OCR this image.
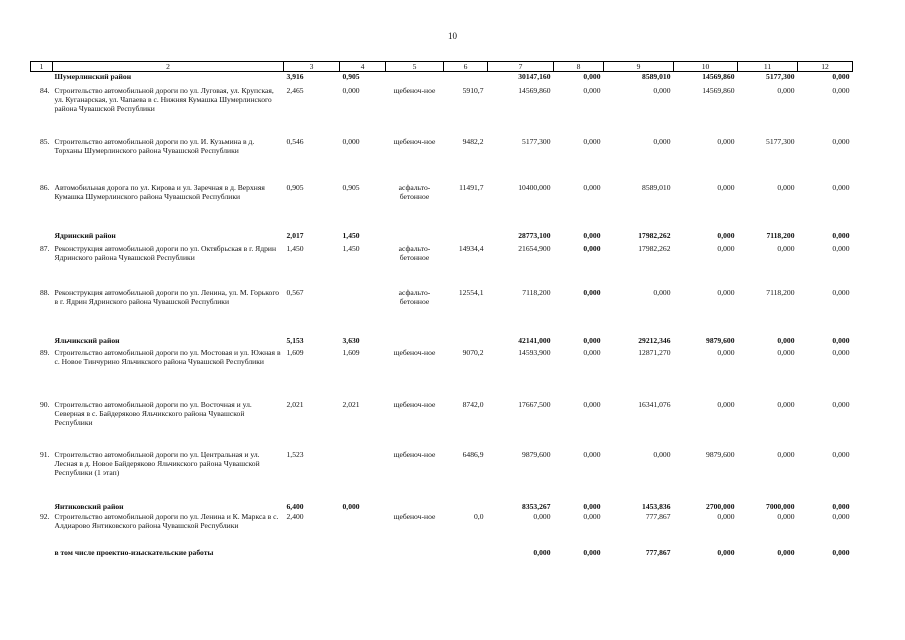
10
1	2	3	4	5	6	7	8	9	10	11	12
	Шумерлинский район	3,916	0,905			30147,160	0,000	8589,010	14569,860	5177,300	0,000
84.	Строительство автомобильной дороги по ул. Луговая, ул. Крупская, ул. Куганарская, ул. Чапаева в с. Нижняя Кумашка Шумерлинского района Чувашской Республики	2,465	0,000	щебеноч-ное	5910,7	14569,860	0,000	0,000	14569,860	0,000	0,000
85.	Строительство автомобильной дороги по ул. И. Кузьмина в д. Торханы Шумерлинского района Чувашской Республики	0,546	0,000	щебеноч-ное	9482,2	5177,300	0,000	0,000	0,000	5177,300	0,000
86.	Автомобильная дорога по ул. Кирова и ул. Заречная в д. Верхняя Кумашка Шумерлинского района Чувашской Республики	0,905	0,905	асфальто-бетонное	11491,7	10400,000	0,000	8589,010	0,000	0,000	0,000
	Ядринский район	2,017	1,450			28773,100	0,000	17982,262	0,000	7118,200	0,000
87.	Реконструкция автомобильной дороги по ул. Октябрьская в г. Ядрин Ядринского района Чувашской Республики	1,450	1,450	асфальто-бетонное	14934,4	21654,900	0,000	17982,262	0,000	0,000	0,000
88.	Реконструкция автомобильной дороги по ул. Ленина, ул. М. Горького в г. Ядрин Ядринского района Чувашской Республики	0,567		асфальто-бетонное	12554,1	7118,200	0,000	0,000	0,000	7118,200	0,000
	Яльчикский район	5,153	3,630			42141,000	0,000	29212,346	9879,600	0,000	0,000
89.	Строительство автомобильной дороги по ул. Мостовая и ул. Южная в с. Новое Тинчурино Яльчикского района Чувашской Республики	1,609	1,609	щебеноч-ное	9070,2	14593,900	0,000	12871,270	0,000	0,000	0,000
90.	Строительство автомобильной дороги по ул. Восточная и ул. Северная в с. Байдеряково Яльчикского района Чувашской Республики	2,021	2,021	щебеноч-ное	8742,0	17667,500	0,000	16341,076	0,000	0,000	0,000
91.	Строительство автомобильной дороги по ул. Центральная и ул. Лесная в д. Новое Байдеряково Яльчикского района Чувашской Республики (1 этап)	1,523		щебеноч-ное	6486,9	9879,600	0,000	0,000	9879,600	0,000	0,000
	Янтиковский район	6,400	0,000			8353,267	0,000	1453,836	2700,000	7000,000	0,000
92.	Строительство автомобильной дороги по ул. Ленина и К. Маркса в с. Алдиарово Янтиковского района Чувашской Республики	2,400		щебеноч-ное	0,0	0,000	0,000	777,867	0,000	0,000	0,000
	в том числе проектно-изыскательские работы					0,000	0,000	777,867	0,000	0,000	0,000
